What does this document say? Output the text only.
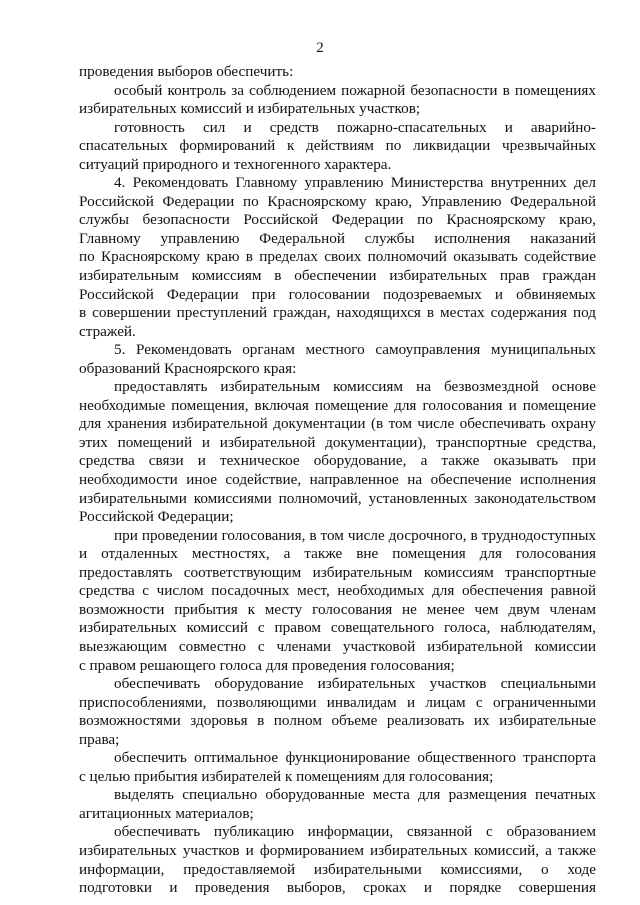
2
проведения выборов обеспечить:
особый контроль за соблюдением пожарной безопасности в помещениях
избирательных комиссий и избирательных участков;
готовность сил и средств пожарно-спасательных и аварийно-
спасательных формирований к действиям по ликвидации чрезвычайных
ситуаций природного и техногенного характера.
4. Рекомендовать Главному управлению Министерства внутренних дел
Российской Федерации по Красноярскому краю, Управлению Федеральной
службы безопасности Российской Федерации по Красноярскому краю,
Главному управлению Федеральной службы исполнения наказаний
по Красноярскому краю в пределах своих полномочий оказывать содействие
избирательным комиссиям в обеспечении избирательных прав граждан
Российской Федерации при голосовании подозреваемых и обвиняемых
в совершении преступлений граждан, находящихся в местах содержания под
стражей.
5. Рекомендовать органам местного самоуправления муниципальных
образований Красноярского края:
предоставлять избирательным комиссиям на безвозмездной основе
необходимые помещения, включая помещение для голосования и помещение
для хранения избирательной документации (в том числе обеспечивать охрану
этих помещений и избирательной документации), транспортные средства,
средства связи и техническое оборудование, а также оказывать при
необходимости иное содействие, направленное на обеспечение исполнения
избирательными комиссиями полномочий, установленных законодательством
Российской Федерации;
при проведении голосования, в том числе досрочного, в труднодоступных
и отдаленных местностях, а также вне помещения для голосования
предоставлять соответствующим избирательным комиссиям транспортные
средства с числом посадочных мест, необходимых для обеспечения равной
возможности прибытия к месту голосования не менее чем двум членам
избирательных комиссий с правом совещательного голоса, наблюдателям,
выезжающим совместно с членами участковой избирательной комиссии
с правом решающего голоса для проведения голосования;
обеспечивать оборудование избирательных участков специальными
приспособлениями, позволяющими инвалидам и лицам с ограниченными
возможностями здоровья в полном объеме реализовать их избирательные
права;
обеспечить оптимальное функционирование общественного транспорта
с целью прибытия избирателей к помещениям для голосования;
выделять специально оборудованные места для размещения печатных
агитационных материалов;
обеспечивать публикацию информации, связанной с образованием
избирательных участков и формированием избирательных комиссий, а также
информации, предоставляемой избирательными комиссиями, о ходе
подготовки и проведения выборов, сроках и порядке совершения
